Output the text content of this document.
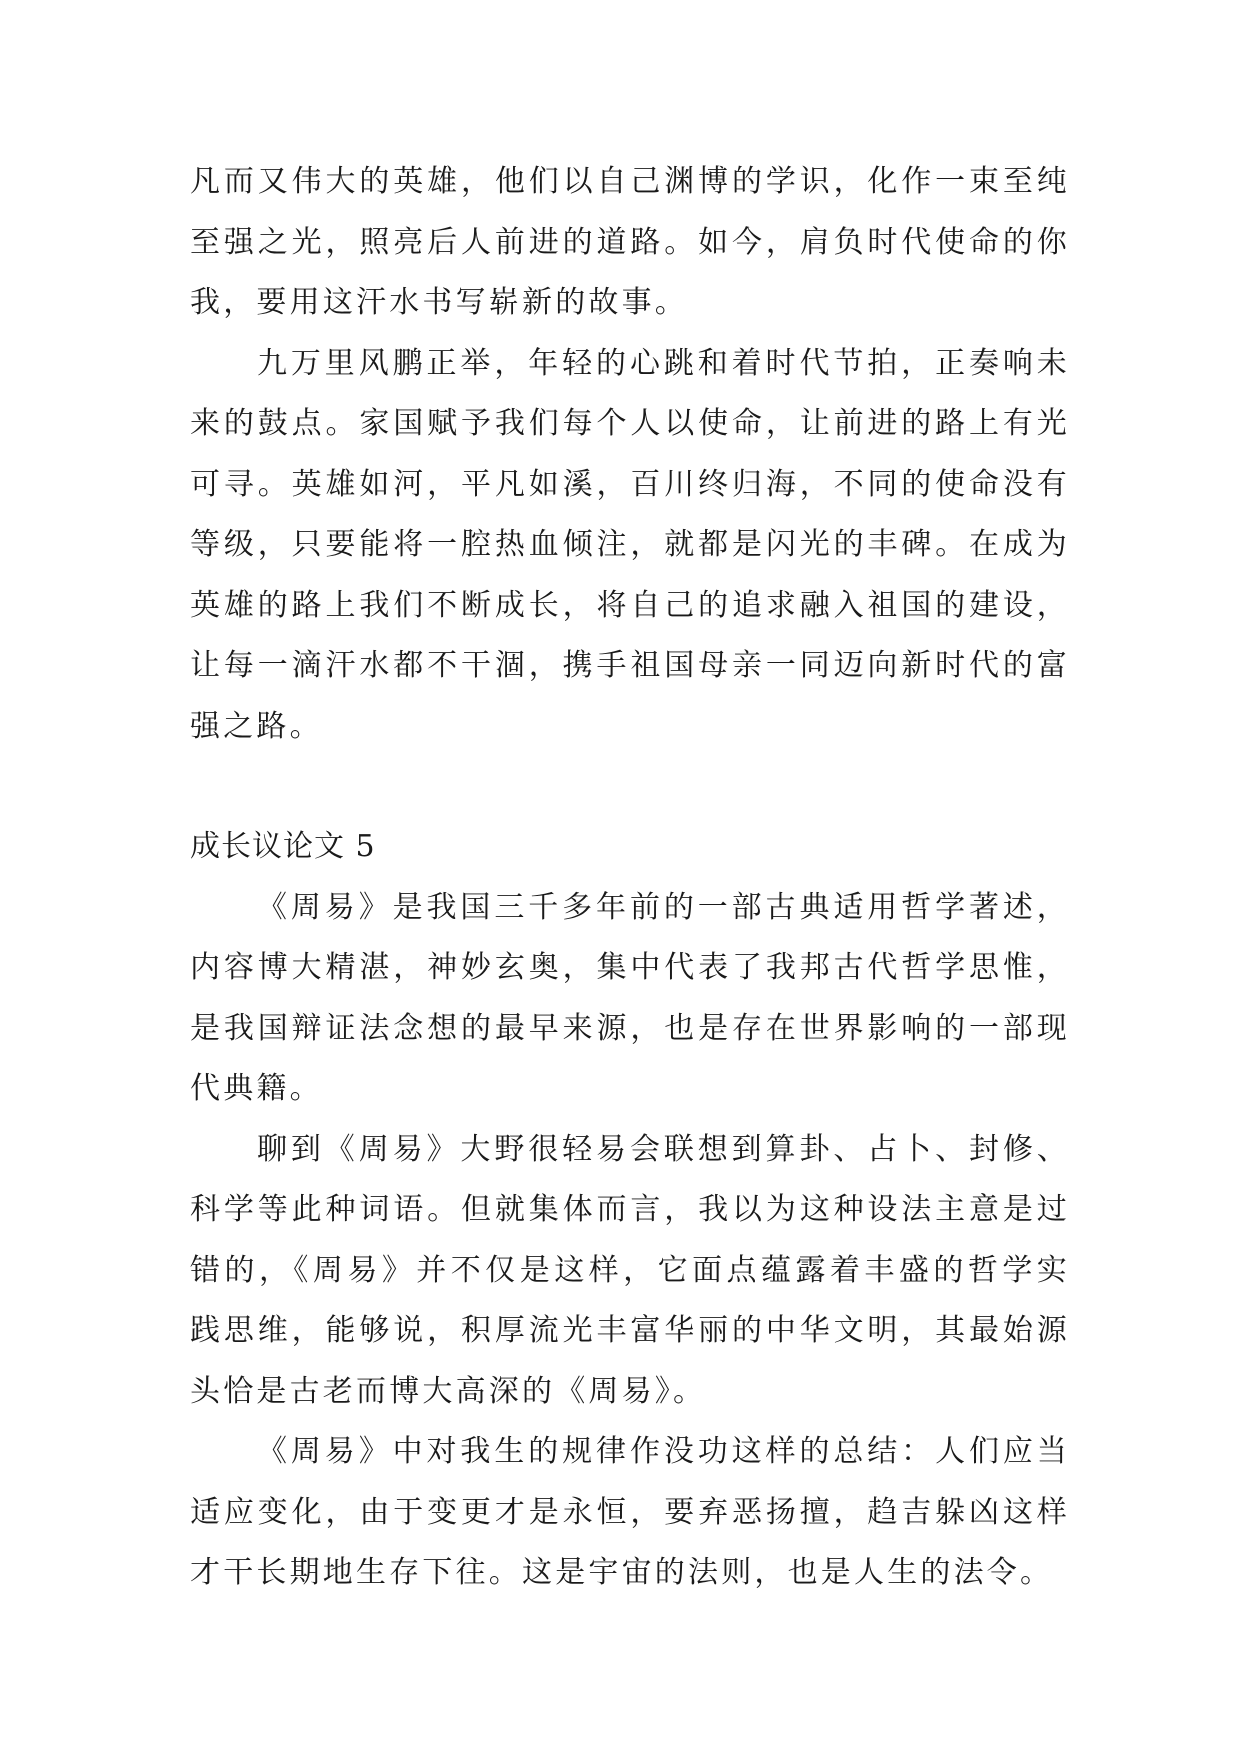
凡而又伟大的英雄，他们以自己渊博的学识，化作一束至纯至强之光，照亮后人前进的道路。如今，肩负时代使命的你我，要用这汗水书写崭新的故事。

九万里风鹏正举，年轻的心跳和着时代节拍，正奏响未来的鼓点。家国赋予我们每个人以使命，让前进的路上有光可寻。英雄如河，平凡如溪，百川终归海，不同的使命没有等级，只要能将一腔热血倾注，就都是闪光的丰碑。在成为英雄的路上我们不断成长，将自己的追求融入祖国的建设，让每一滴汗水都不干涸，携手祖国母亲一同迈向新时代的富强之路。

成长议论文 5

《周易》是我国三千多年前的一部古典适用哲学著述，内容博大精湛，神妙玄奥，集中代表了我邦古代哲学思惟，是我国辩证法念想的最早来源，也是存在世界影响的一部现代典籍。

聊到《周易》大野很轻易会联想到算卦、占卜、封修、科学等此种词语。但就集体而言，我以为这种设法主意是过错的，《周易》并不仅是这样，它面点蕴露着丰盛的哲学实践思维，能够说，积厚流光丰富华丽的中华文明，其最始源头恰是古老而博大高深的《周易》。

《周易》中对我生的规律作没功这样的总结：人们应当适应变化，由于变更才是永恒，要弃恶扬擅，趋吉躲凶这样才干长期地生存下往。这是宇宙的法则，也是人生的法令。
